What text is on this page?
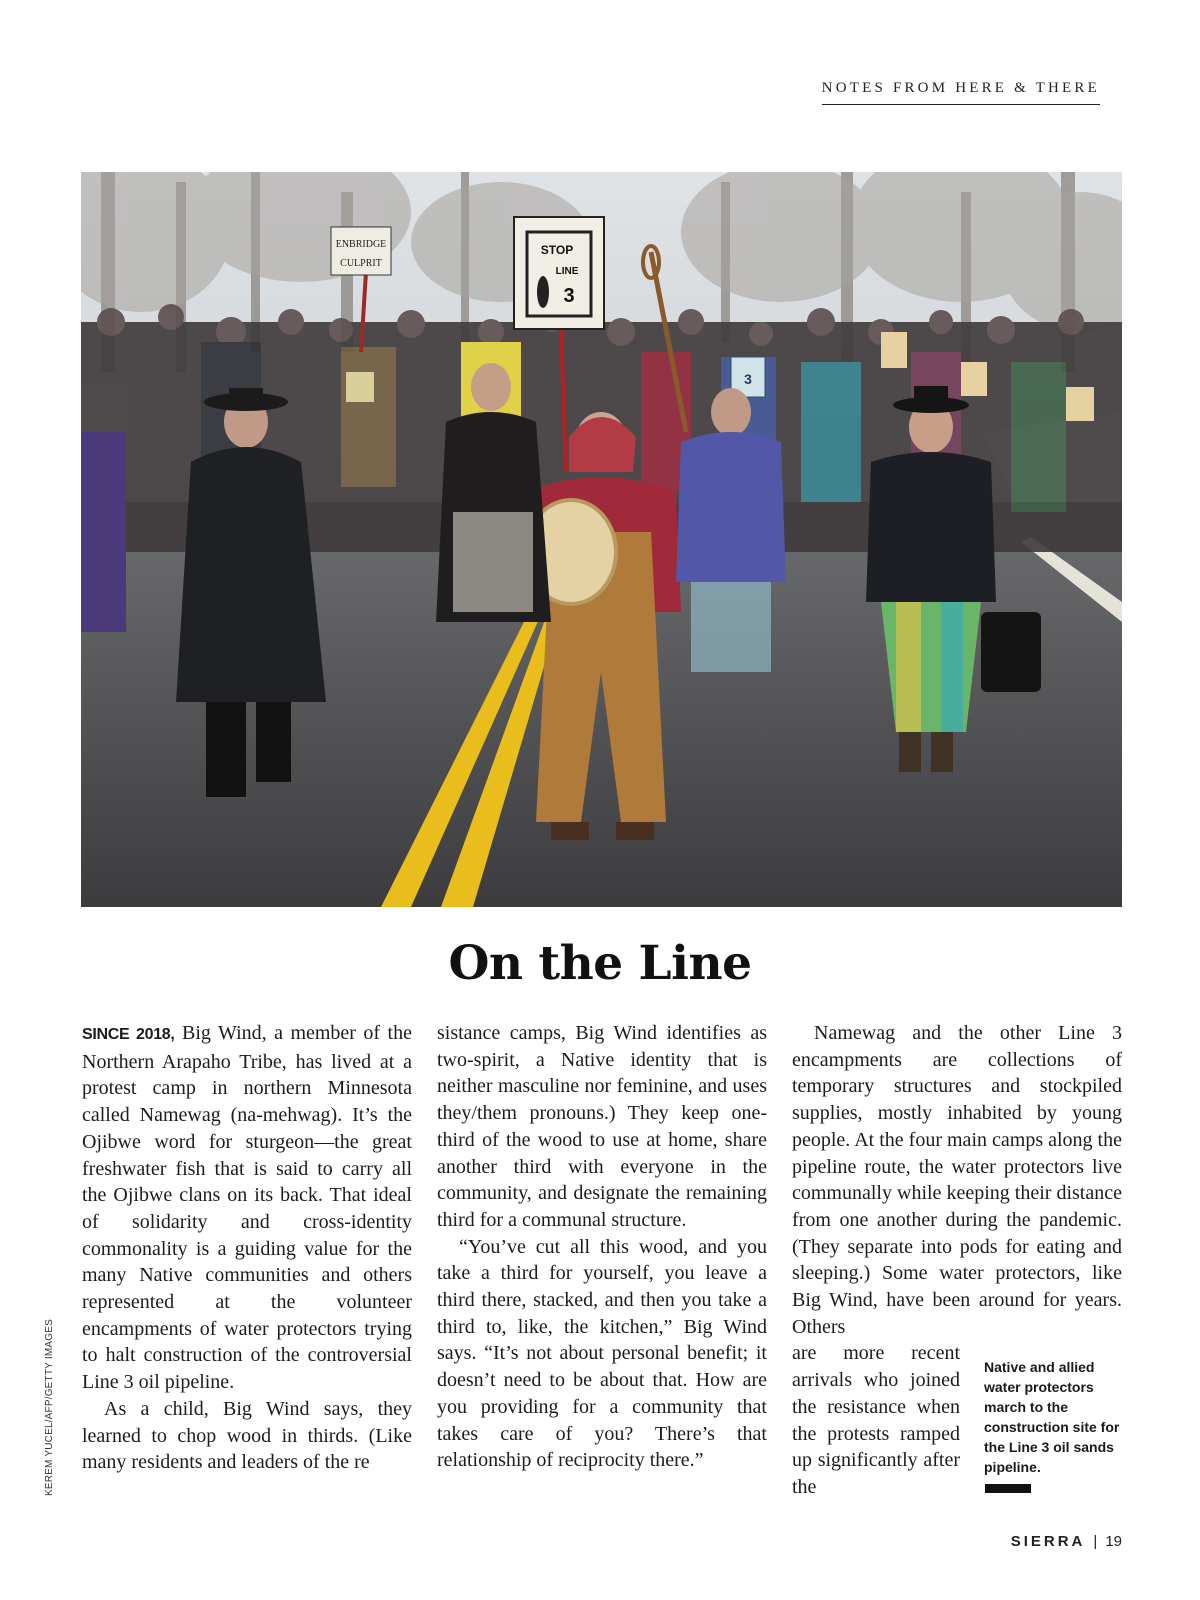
NOTES FROM HERE & THERE
ENBRIDGE
CULPRIT
STOP
LINE
3
3
On the Line

SINCE 2018, Big Wind, a member of the Northern Arapaho Tribe, has lived at a protest camp in northern Minnesota called Namewag (na-mehwag). It’s the Ojibwe word for sturgeon—the great freshwater fish that is said to carry all the Ojibwe clans on its back. That ideal of solidarity and cross-identity commonality is a guiding value for the many Native communities and others represented at the volunteer encampments of water protectors trying to halt construction of the controversial Line 3 oil pipeline.

As a child, Big Wind says, they learned to chop wood in thirds. (Like many residents and leaders of the re

sistance camps, Big Wind identifies as two-spirit, a Native identity that is neither masculine nor feminine, and uses they/them pronouns.) They keep one-third of the wood to use at home, share another third with everyone in the community, and designate the remaining third for a communal structure.

“You’ve cut all this wood, and you take a third for yourself, you leave a third there, stacked, and then you take a third to, like, the kitchen,” Big Wind says. “It’s not about personal benefit; it doesn’t need to be about that. How are you providing for a community that takes care of you? There’s that relationship of reciprocity there.”

Namewag and the other Line 3 encampments are collections of temporary structures and stockpiled supplies, mostly inhabited by young people. At the four main camps along the pipeline route, the water protectors live communally while keeping their distance from one another during the pandemic. (They separate into pods for eating and sleeping.) Some water protectors, like Big Wind, have been around for years. Others

are more recent arrivals who joined the resistance when the protests ramped up significantly after the

Native and allied water protectors march to the construction site for the Line 3 oil sands pipeline.
KEREM YUCEL/AFP/GETTY IMAGES
SIERRA | 19
